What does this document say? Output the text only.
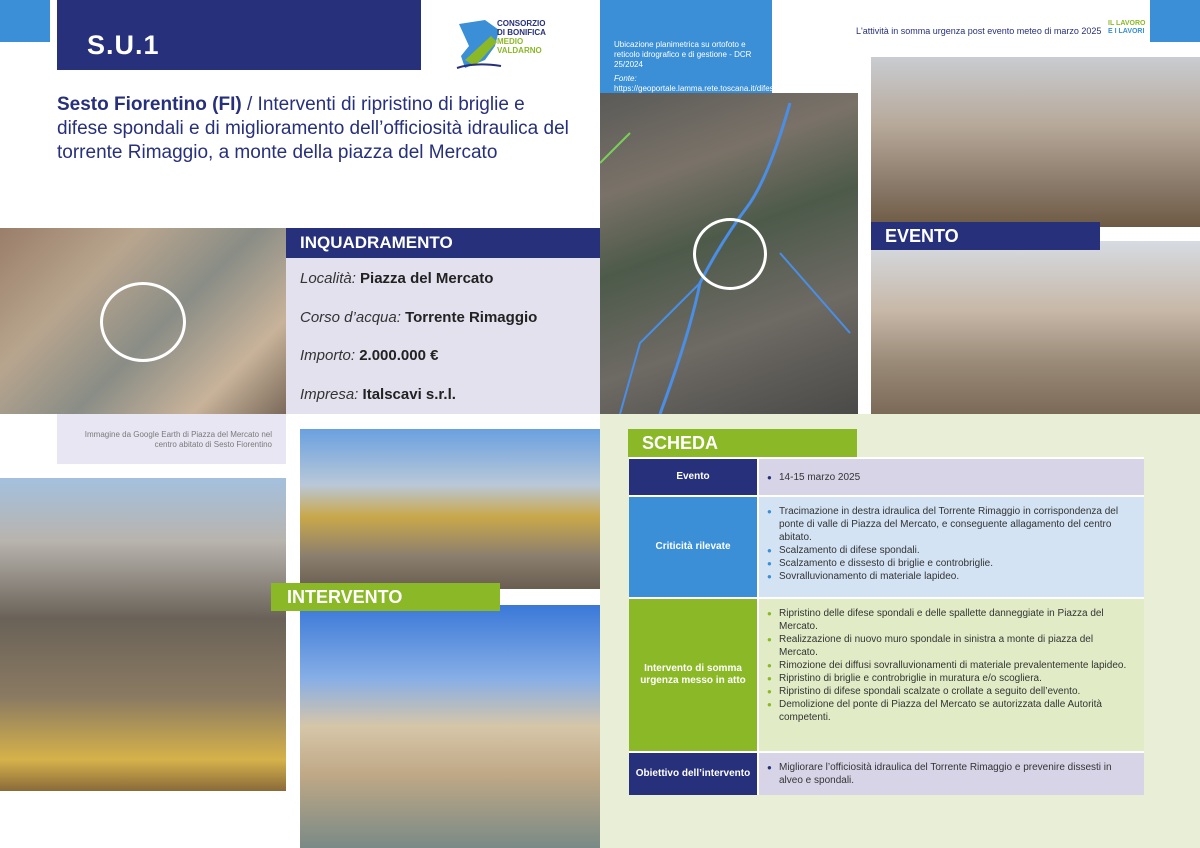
S.U.1
CONSORZIO
DI BONIFICA
MEDIO
VALDARNO
Sesto Fiorentino (FI) / Interventi di ripristino di briglie e difese spondali e di miglioramento dell’officiosità idraulica del torrente Rimaggio, a monte della piazza del Mercato
L'attività in somma urgenza post evento meteo di marzo 2025
IL LAVORO
E I LAVORI
Ubicazione planimetrica su ortofoto e reticolo idrografico e di gestione - DCR 25/2024
Fonte: https://geoportale.lamma.rete.toscana.it/difesa_suolo
Immagine da Google Earth di Piazza del Mercato nel centro abitato di Sesto Fiorentino
EVENTO
INQUADRAMENTO
Località: Piazza del Mercato
Corso d’acqua: Torrente Rimaggio
Importo: 2.000.000 €
Impresa: Italscavi s.r.l.
INTERVENTO
SCHEDA
Evento
●	14-15 marzo 2025
Criticità rilevate
● Tracimazione in destra idraulica del Torrente Rimaggio in corrispondenza del ponte di valle di Piazza del Mercato, e conseguente allagamento del centro abitato.
● Scalzamento di difese spondali.
● Scalzamento e dissesto di briglie e controbriglie.
● Sovralluvionamento di materiale lapideo.
Intervento di somma urgenza messo in atto
● Ripristino delle difese spondali e delle spallette danneggiate in Piazza del Mercato.
● Realizzazione di nuovo muro spondale in sinistra a monte di piazza del Mercato.
● Rimozione dei diffusi sovralluvionamenti di materiale prevalentemente lapideo.
● Ripristino di briglie e controbriglie in muratura e/o scogliera.
● Ripristino di difese spondali scalzate o crollate a seguito dell’evento.
● Demolizione del ponte di Piazza del Mercato se autorizzata dalle Autorità competenti.
Obiettivo dell’intervento
● Migliorare l’officiosità idraulica del Torrente Rimaggio e prevenire dissesti in alveo e spondali.
